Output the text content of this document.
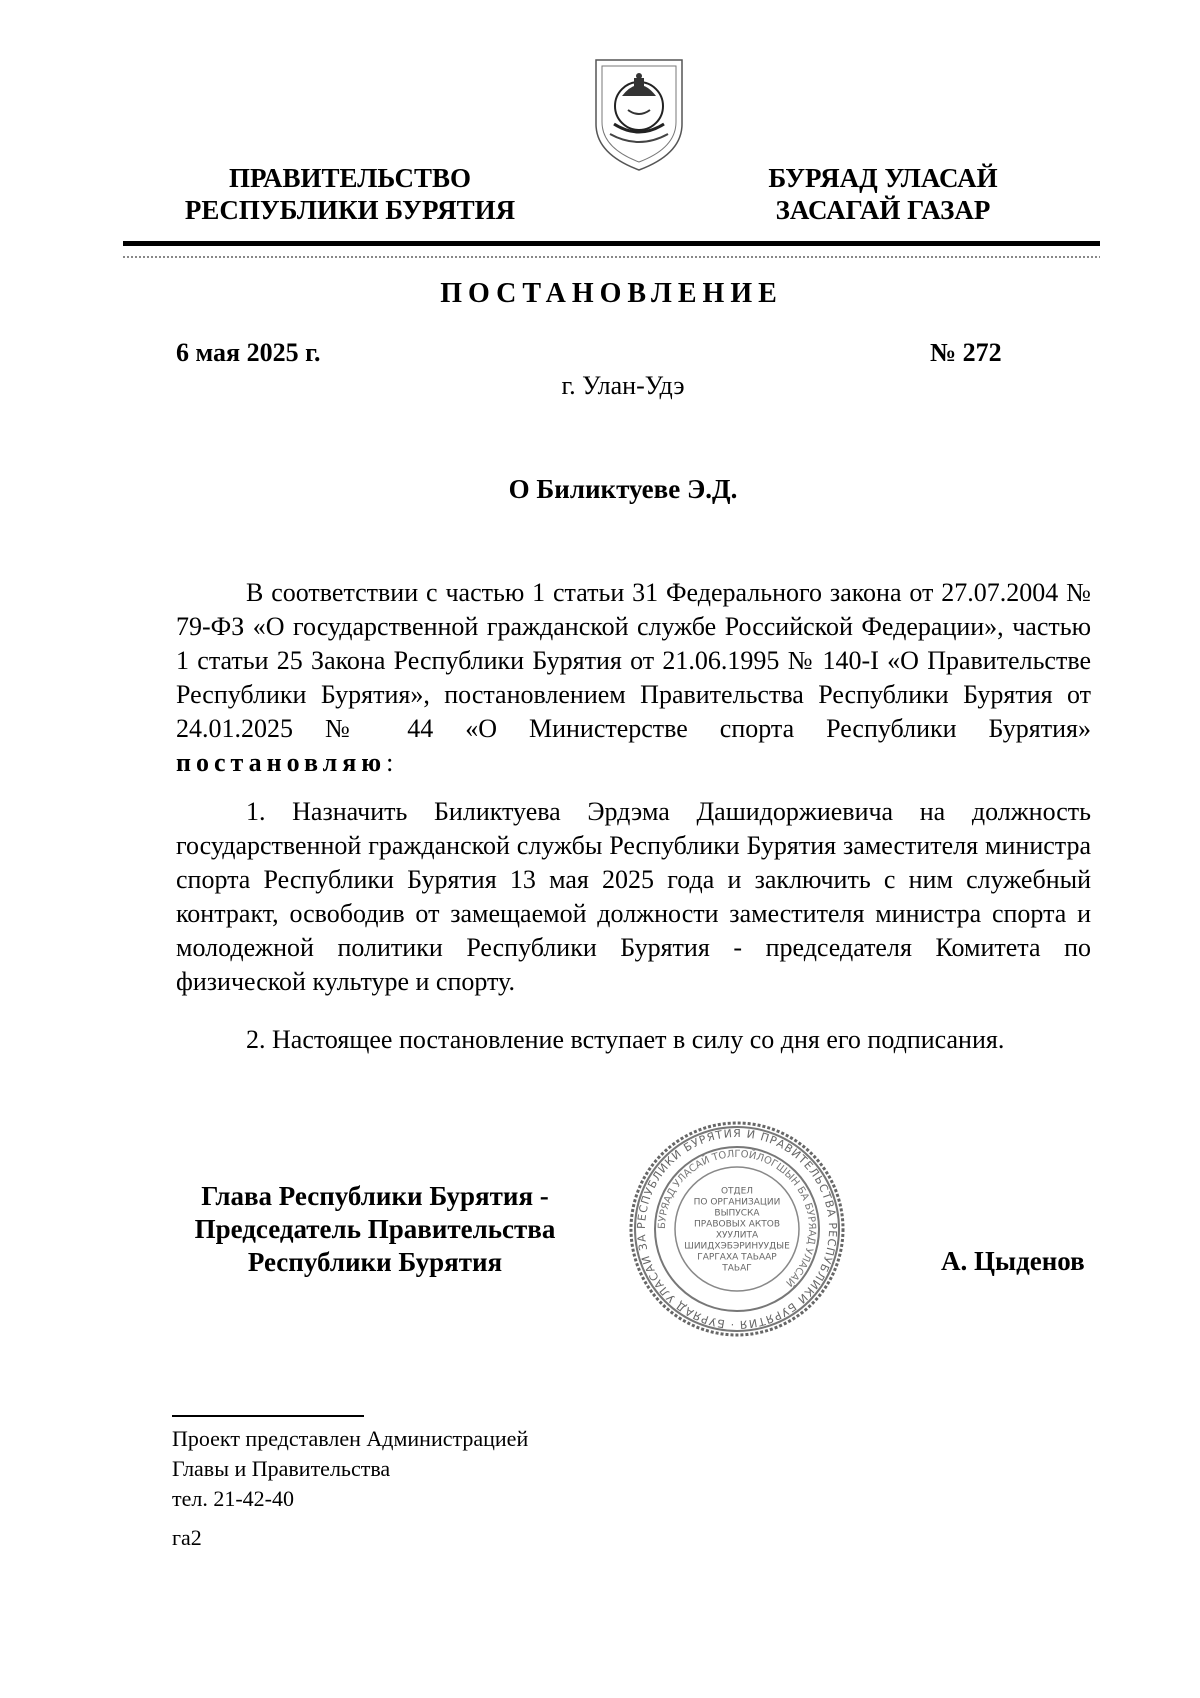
ПРАВИТЕЛЬСТВО
РЕСПУБЛИКИ БУРЯТИЯ
БУРЯАД УЛАСАЙ
ЗАСАГАЙ ГАЗАР
ПОСТАНОВЛЕНИЕ
6 мая 2025 г.	№ 272
г. Улан-Удэ
О Биликтуеве Э.Д.
В соответствии с частью 1 статьи 31 Федерального закона от 27.07.2004 № 79-ФЗ «О государственной гражданской службе Российской Федерации», частью 1 статьи 25 Закона Республики Бурятия от 21.06.1995 № 140-I «О Правительстве Республики Бурятия», постановлением Правительства Республики Бурятия от 24.01.2025 № 44 «О Министерстве спорта Республики Бурятия» постановляю:
1. Назначить Биликтуева Эрдэма Дашидоржиевича на должность государственной гражданской службы Республики Бурятия заместителя министра спорта Республики Бурятия 13 мая 2025 года и заключить с ним служебный контракт, освободив от замещаемой должности заместителя министра спорта и молодежной политики Республики Бурятия - председателя Комитета по физической культуре и спорту.
2. Настоящее постановление вступает в силу со дня его подписания.
Глава Республики Бурятия -
Председатель Правительства
Республики Бурятия	А. Цыденов
РЕСПУБЛИКИ БУРЯТИЯ И ПРАВИТЕЛЬСТВА РЕСПУБЛИКИ БУРЯТИЯ · БУРЯАД УЛАСАЙ ЗА
БУРЯАД УЛАСАЙ ТОЛГОЙЛОГШЫН БА БУРЯАД УЛАСАЙ
ОТДЕЛ
ПО ОРГАНИЗАЦИИ
ВЫПУСКА
ПРАВОВЫХ АКТОВ
ХУУЛИТА
ШИИДХЭБЭРИНУУДЫЕ
ГАРГАХА ТАЬААР
ТАЬАГ
Проект представлен Администрацией
Главы и Правительства
тел. 21-42-40
га2
